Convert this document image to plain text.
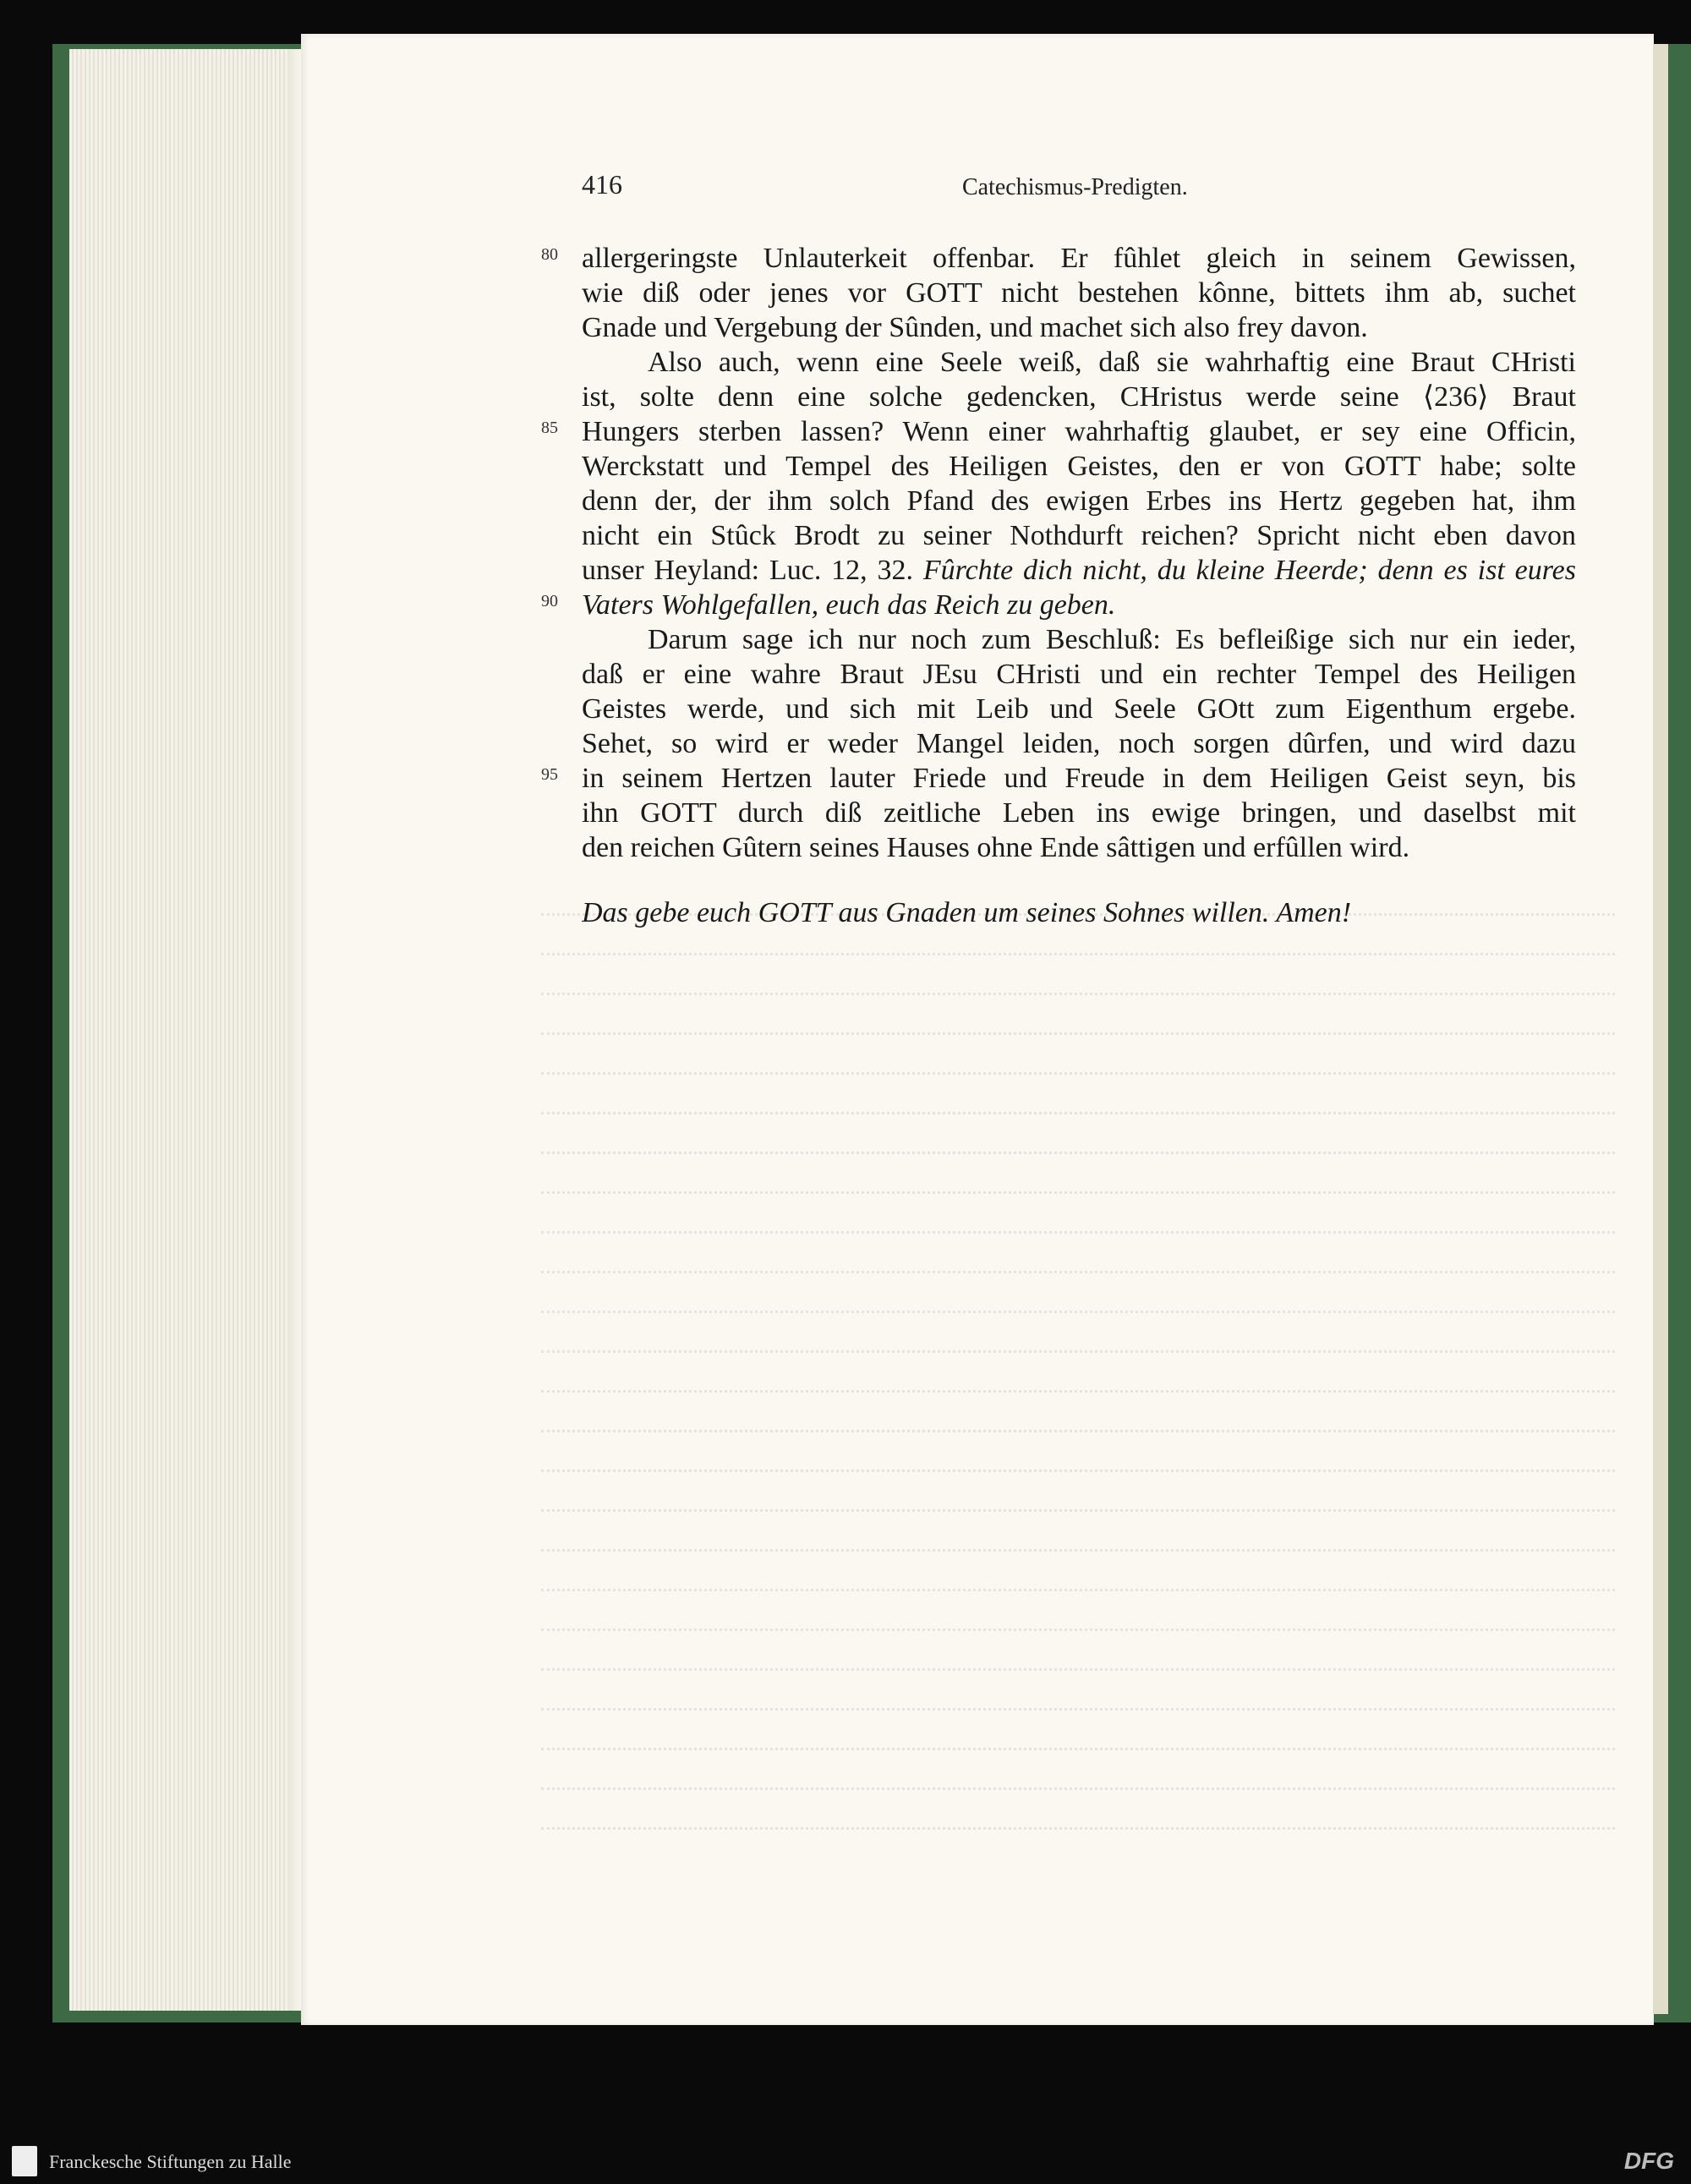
416	Catechismus-Predigten.
80
85
90
95
allergeringste Unlauterkeit offenbar. Er fûhlet gleich in seinem Gewissen,
wie diß oder jenes vor GOTT nicht bestehen kônne, bittets ihm ab, suchet
Gnade und Vergebung der Sûnden, und machet sich also frey davon.
Also auch, wenn eine Seele weiß, daß sie wahrhaftig eine Braut CHristi
ist, solte denn eine solche gedencken, CHristus werde seine ⟨236⟩ Braut
Hungers sterben lassen? Wenn einer wahrhaftig glaubet, er sey eine Officin,
Werckstatt und Tempel des Heiligen Geistes, den er von GOTT habe; solte
denn der, der ihm solch Pfand des ewigen Erbes ins Hertz gegeben hat, ihm
nicht ein Stûck Brodt zu seiner Nothdurft reichen? Spricht nicht eben davon
unser Heyland: Luc. 12, 32. Fûrchte dich nicht, du kleine Heerde; denn es ist eures
Vaters Wohlgefallen, euch das Reich zu geben.
Darum sage ich nur noch zum Beschluß: Es befleißige sich nur ein ieder,
daß er eine wahre Braut JEsu CHristi und ein rechter Tempel des Heiligen
Geistes werde, und sich mit Leib und Seele GOtt zum Eigenthum ergebe.
Sehet, so wird er weder Mangel leiden, noch sorgen dûrfen, und wird dazu
in seinem Hertzen lauter Friede und Freude in dem Heiligen Geist seyn, bis
ihn GOTT durch diß zeitliche Leben ins ewige bringen, und daselbst mit
den reichen Gûtern seines Hauses ohne Ende sâttigen und erfûllen wird.
Das gebe euch GOTT aus Gnaden um seines Sohnes willen. Amen!
Franckesche Stiftungen zu Halle	DFG
